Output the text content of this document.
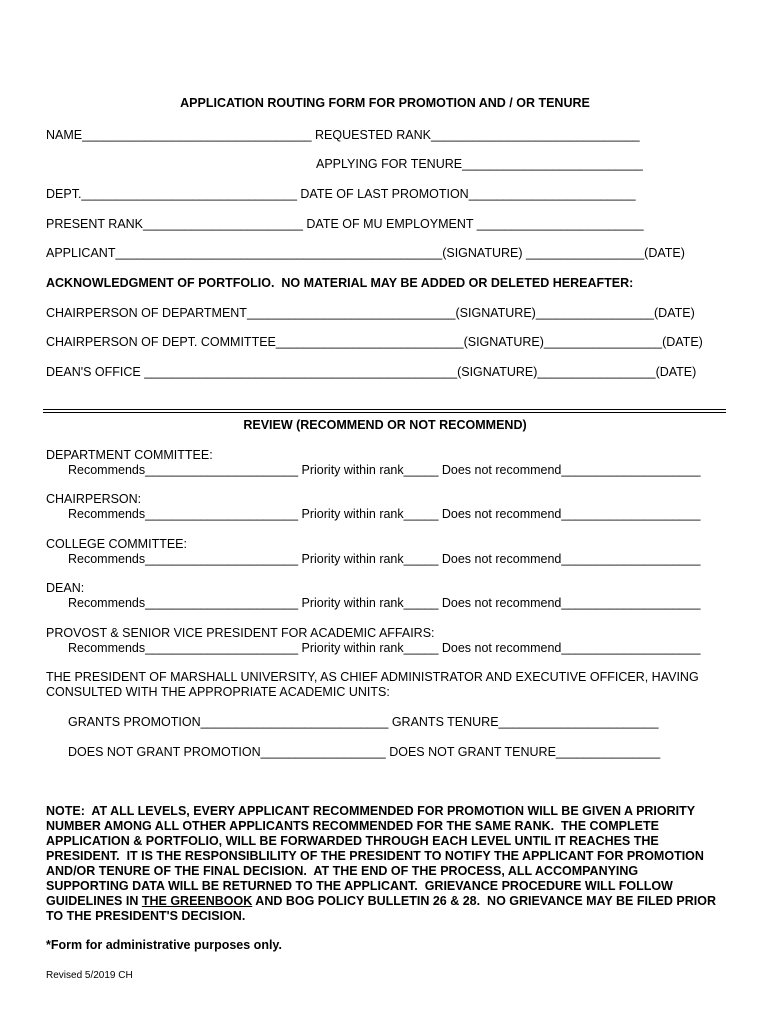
APPLICATION ROUTING FORM FOR PROMOTION AND / OR TENURE
NAME_________________________________ REQUESTED RANK______________________________
APPLYING FOR TENURE__________________________
DEPT._______________________________ DATE OF LAST PROMOTION________________________
PRESENT RANK_______________________ DATE OF MU EMPLOYMENT ________________________
APPLICANT_______________________________________________(SIGNATURE) _________________(DATE)
ACKNOWLEDGMENT OF PORTFOLIO.  NO MATERIAL MAY BE ADDED OR DELETED HEREAFTER:
CHAIRPERSON OF DEPARTMENT______________________________(SIGNATURE)_________________(DATE)
CHAIRPERSON OF DEPT. COMMITTEE___________________________(SIGNATURE)_________________(DATE)
DEAN'S OFFICE _____________________________________________(SIGNATURE)_________________(DATE)
REVIEW (RECOMMEND OR NOT RECOMMEND)
DEPARTMENT COMMITTEE:
Recommends______________________ Priority within rank_____ Does not recommend____________________
CHAIRPERSON:
Recommends______________________ Priority within rank_____ Does not recommend____________________
COLLEGE COMMITTEE:
Recommends______________________ Priority within rank_____ Does not recommend____________________
DEAN:
Recommends______________________ Priority within rank_____ Does not recommend____________________
PROVOST & SENIOR VICE PRESIDENT FOR ACADEMIC AFFAIRS:
Recommends______________________ Priority within rank_____ Does not recommend____________________
THE PRESIDENT OF MARSHALL UNIVERSITY, AS CHIEF ADMINISTRATOR AND EXECUTIVE OFFICER, HAVING
CONSULTED WITH THE APPROPRIATE ACADEMIC UNITS:
GRANTS PROMOTION___________________________ GRANTS TENURE_______________________
DOES NOT GRANT PROMOTION__________________ DOES NOT GRANT TENURE_______________
NOTE:  AT ALL LEVELS, EVERY APPLICANT RECOMMENDED FOR PROMOTION WILL BE GIVEN A PRIORITY
NUMBER AMONG ALL OTHER APPLICANTS RECOMMENDED FOR THE SAME RANK.  THE COMPLETE
APPLICATION & PORTFOLIO, WILL BE FORWARDED THROUGH EACH LEVEL UNTIL IT REACHES THE
PRESIDENT.  IT IS THE RESPONSIBLILITY OF THE PRESIDENT TO NOTIFY THE APPLICANT FOR PROMOTION
AND/OR TENURE OF THE FINAL DECISION.  AT THE END OF THE PROCESS, ALL ACCOMPANYING
SUPPORTING DATA WILL BE RETURNED TO THE APPLICANT.  GRIEVANCE PROCEDURE WILL FOLLOW
GUIDELINES IN THE GREENBOOK AND BOG POLICY BULLETIN 26 & 28.  NO GRIEVANCE MAY BE FILED PRIOR
TO THE PRESIDENT'S DECISION.
*Form for administrative purposes only.
Revised 5/2019 CH
